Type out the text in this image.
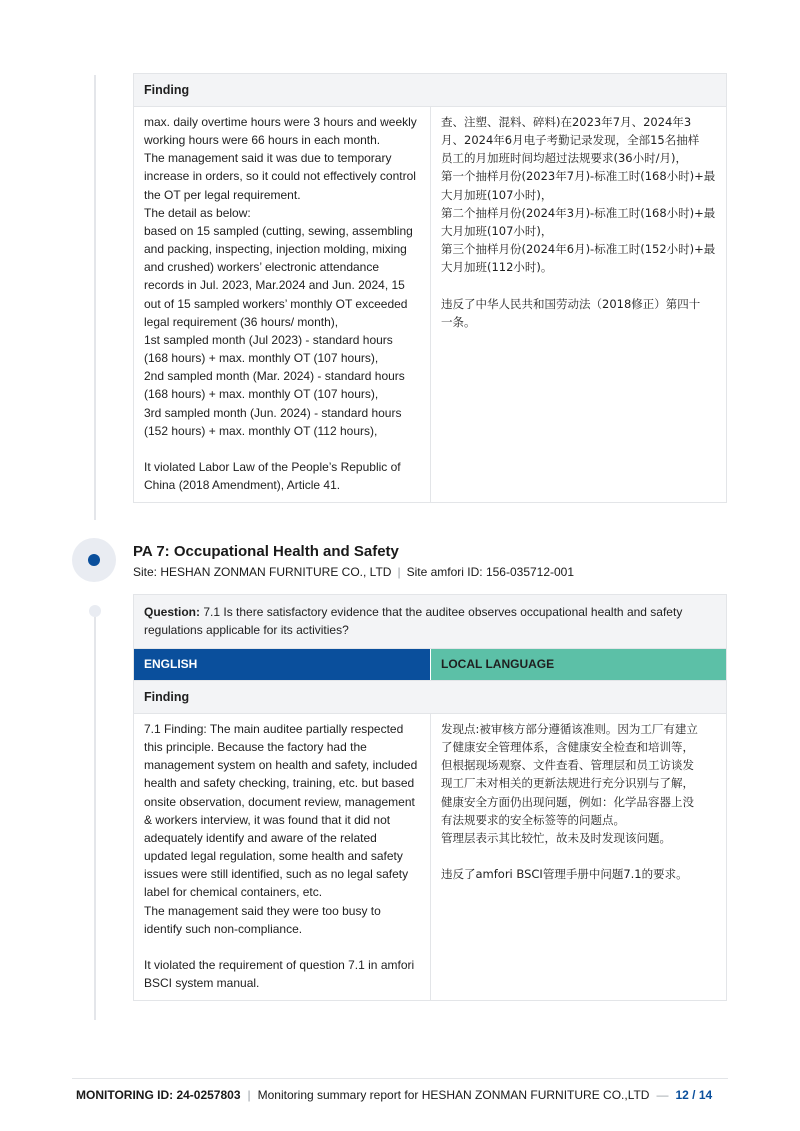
Finding
max. daily overtime hours were 3 hours and weekly
working hours were 66 hours in each month.
The management said it was due to temporary
increase in orders, so it could not effectively control
the OT per legal requirement.
The detail as below:
based on 15 sampled (cutting, sewing, assembling
and packing, inspecting, injection molding, mixing
and crushed) workers’ electronic attendance
records in Jul. 2023, Mar.2024 and Jun. 2024, 15
out of 15 sampled workers’ monthly OT exceeded
legal requirement (36 hours/ month),
1st sampled month (Jul 2023) - standard hours
(168 hours) + max. monthly OT (107 hours),
2nd sampled month (Mar. 2024) - standard hours
(168 hours) + max. monthly OT (107 hours),
3rd sampled month (Jun. 2024) - standard hours
(152 hours) + max. monthly OT (112 hours),
It violated Labor Law of the People’s Republic of
China (2018 Amendment), Article 41.
查、注塑、混料、碎料)在2023年7月、2024年3
月、2024年6月电子考勤记录发现，全部15名抽样
员工的月加班时间均超过法规要求(36小时/月)，
第一个抽样月份(2023年7月)-标准工时(168小时)+最
大月加班(107小时)，
第二个抽样月份(2024年3月)-标准工时(168小时)+最
大月加班(107小时)，
第三个抽样月份(2024年6月)-标准工时(152小时)+最
大月加班(112小时)。
违反了中华人民共和国劳动法（2018修正）第四十
一条。
PA 7: Occupational Health and Safety
Site: HESHAN ZONMAN FURNITURE CO., LTD | Site amfori ID: 156-035712-001
Question: 7.1 Is there satisfactory evidence that the auditee observes occupational health and safety regulations applicable for its activities?
ENGLISH	LOCAL LANGUAGE
Finding
7.1 Finding: The main auditee partially respected
this principle. Because the factory had the
management system on health and safety, included
health and safety checking, training, etc. but based
onsite observation, document review, management
& workers interview, it was found that it did not
adequately identify and aware of the related
updated legal regulation, some health and safety
issues were still identified, such as no legal safety
label for chemical containers, etc.
The management said they were too busy to
identify such non-compliance.
It violated the requirement of question 7.1 in amfori
BSCI system manual.
发现点:被审核方部分遵循该准则。因为工厂有建立
了健康安全管理体系，含健康安全检查和培训等，
但根据现场观察、文件查看、管理层和员工访谈发
现工厂未对相关的更新法规进行充分识别与了解，
健康安全方面仍出现问题，例如：化学品容器上没
有法规要求的安全标签等的问题点。
管理层表示其比较忙，故未及时发现该问题。
违反了amfori BSCI管理手册中问题7.1的要求。
MONITORING ID: 24-0257803 | Monitoring summary report for HESHAN ZONMAN FURNITURE CO.,LTD — 12 / 14
